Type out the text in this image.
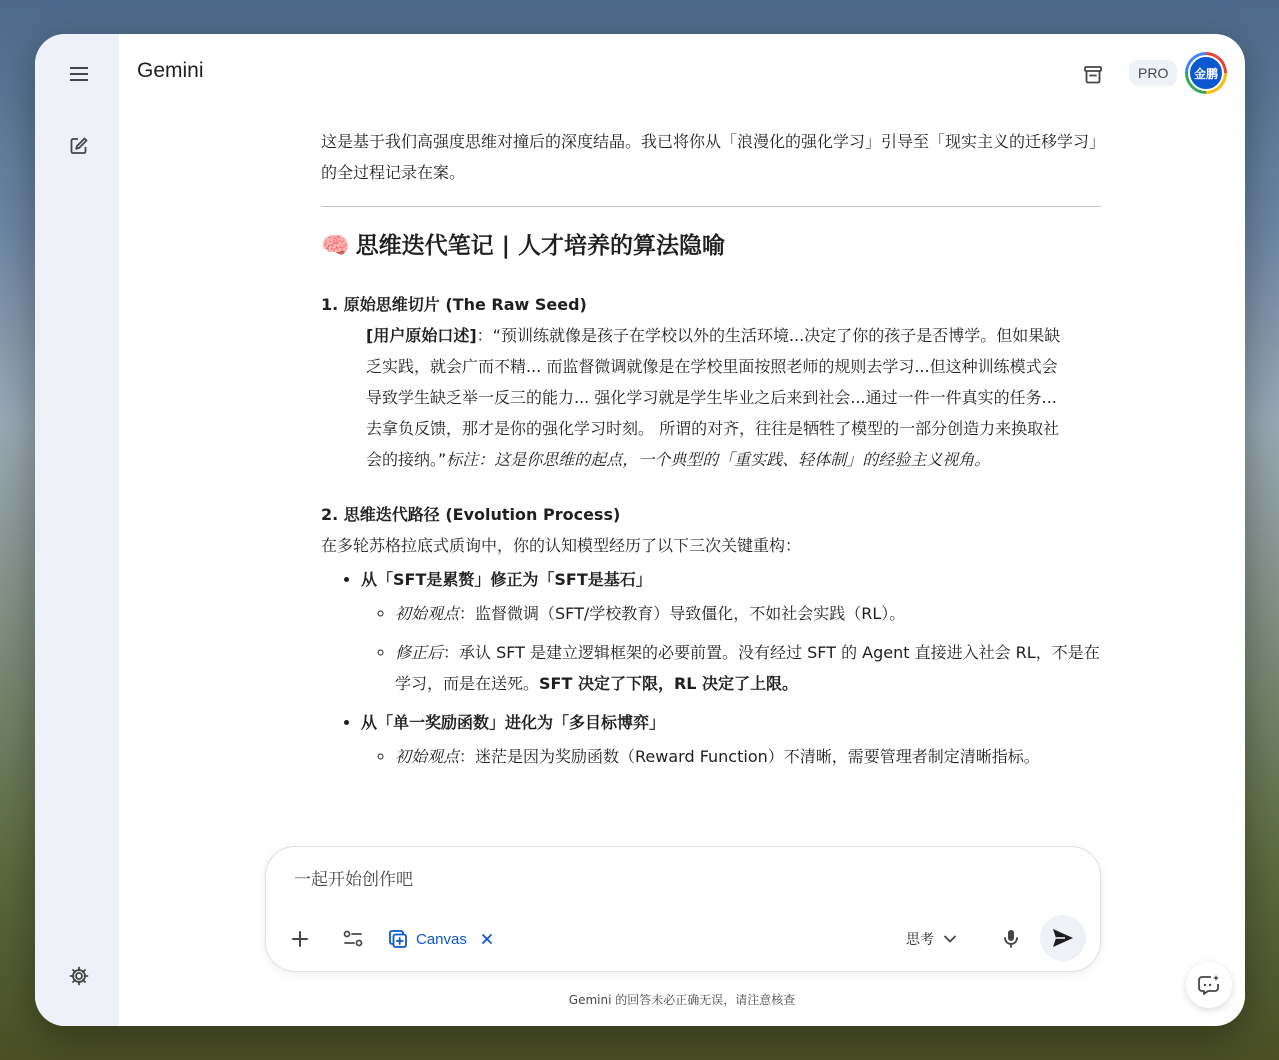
Gemini	PRO	金鹏

这是基于我们高强度思维对撞后的深度结晶。我已将你从「浪漫化的强化学习」引导至「现实主义的迁移学习」的全过程记录在案。

🧠 思维迭代笔记 | 人才培养的算法隐喻

1. 原始思维切片 (The Raw Seed)

[用户原始口述]：“预训练就像是孩子在学校以外的生活环境...决定了你的孩子是否博学。但如果缺乏实践，就会广而不精... 而监督微调就像是在学校里面按照老师的规则去学习...但这种训练模式会导致学生缺乏举一反三的能力... 强化学习就是学生毕业之后来到社会...通过一件一件真实的任务...去拿负反馈，那才是你的强化学习时刻。 所谓的对齐，往往是牺牲了模型的一部分创造力来换取社会的接纳。”标注：这是你思维的起点，一个典型的「重实践、轻体制」的经验主义视角。

2. 思维迭代路径 (Evolution Process)

在多轮苏格拉底式质询中，你的认知模型经历了以下三次关键重构：

• 从「SFT是累赘」修正为「SFT是基石」
◦ 初始观点：监督微调（SFT/学校教育）导致僵化，不如社会实践（RL）。
◦ 修正后：承认 SFT 是建立逻辑框架的必要前置。没有经过 SFT 的 Agent 直接进入社会 RL，不是在学习，而是在送死。SFT 决定了下限，RL 决定了上限。
• 从「单一奖励函数」进化为「多目标博弈」
◦ 初始观点：迷茫是因为奖励函数（Reward Function）不清晰，需要管理者制定清晰指标。
一起开始创作吧
Canvas	思考
Gemini 的回答未必正确无误，请注意核查
